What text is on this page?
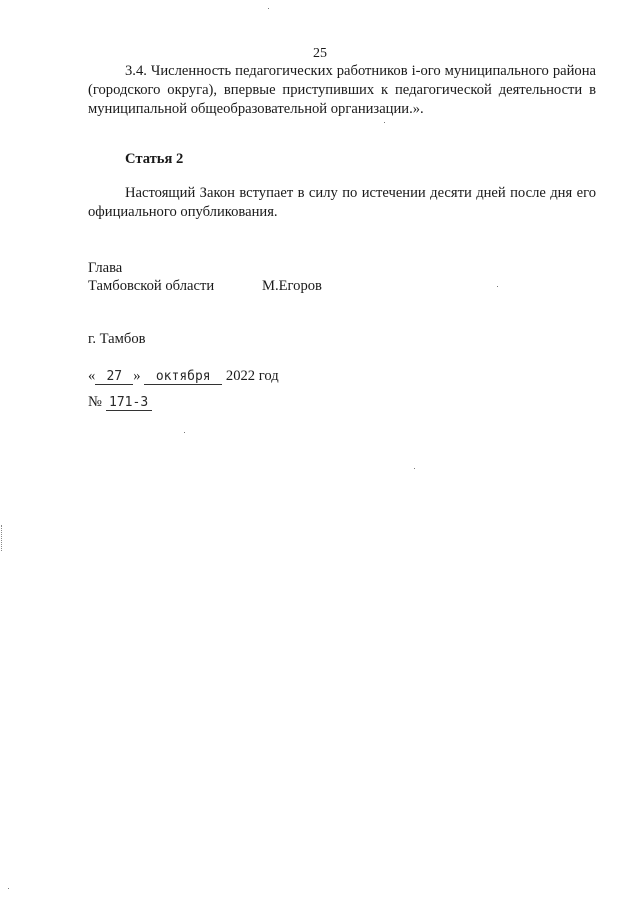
25

3.4. Численность педагогических работников i-ого муниципального района (городского округа), впервые приступивших к педагогической деятельности в муниципальной общеобразовательной организации.».

Статья 2

Настоящий Закон вступает в силу по истечении десяти дней после дня его официального опубликования.

Глава
Тамбовской области	М.Егоров
г. Тамбов
« 27 » октября 2022 год
№ 171-З
